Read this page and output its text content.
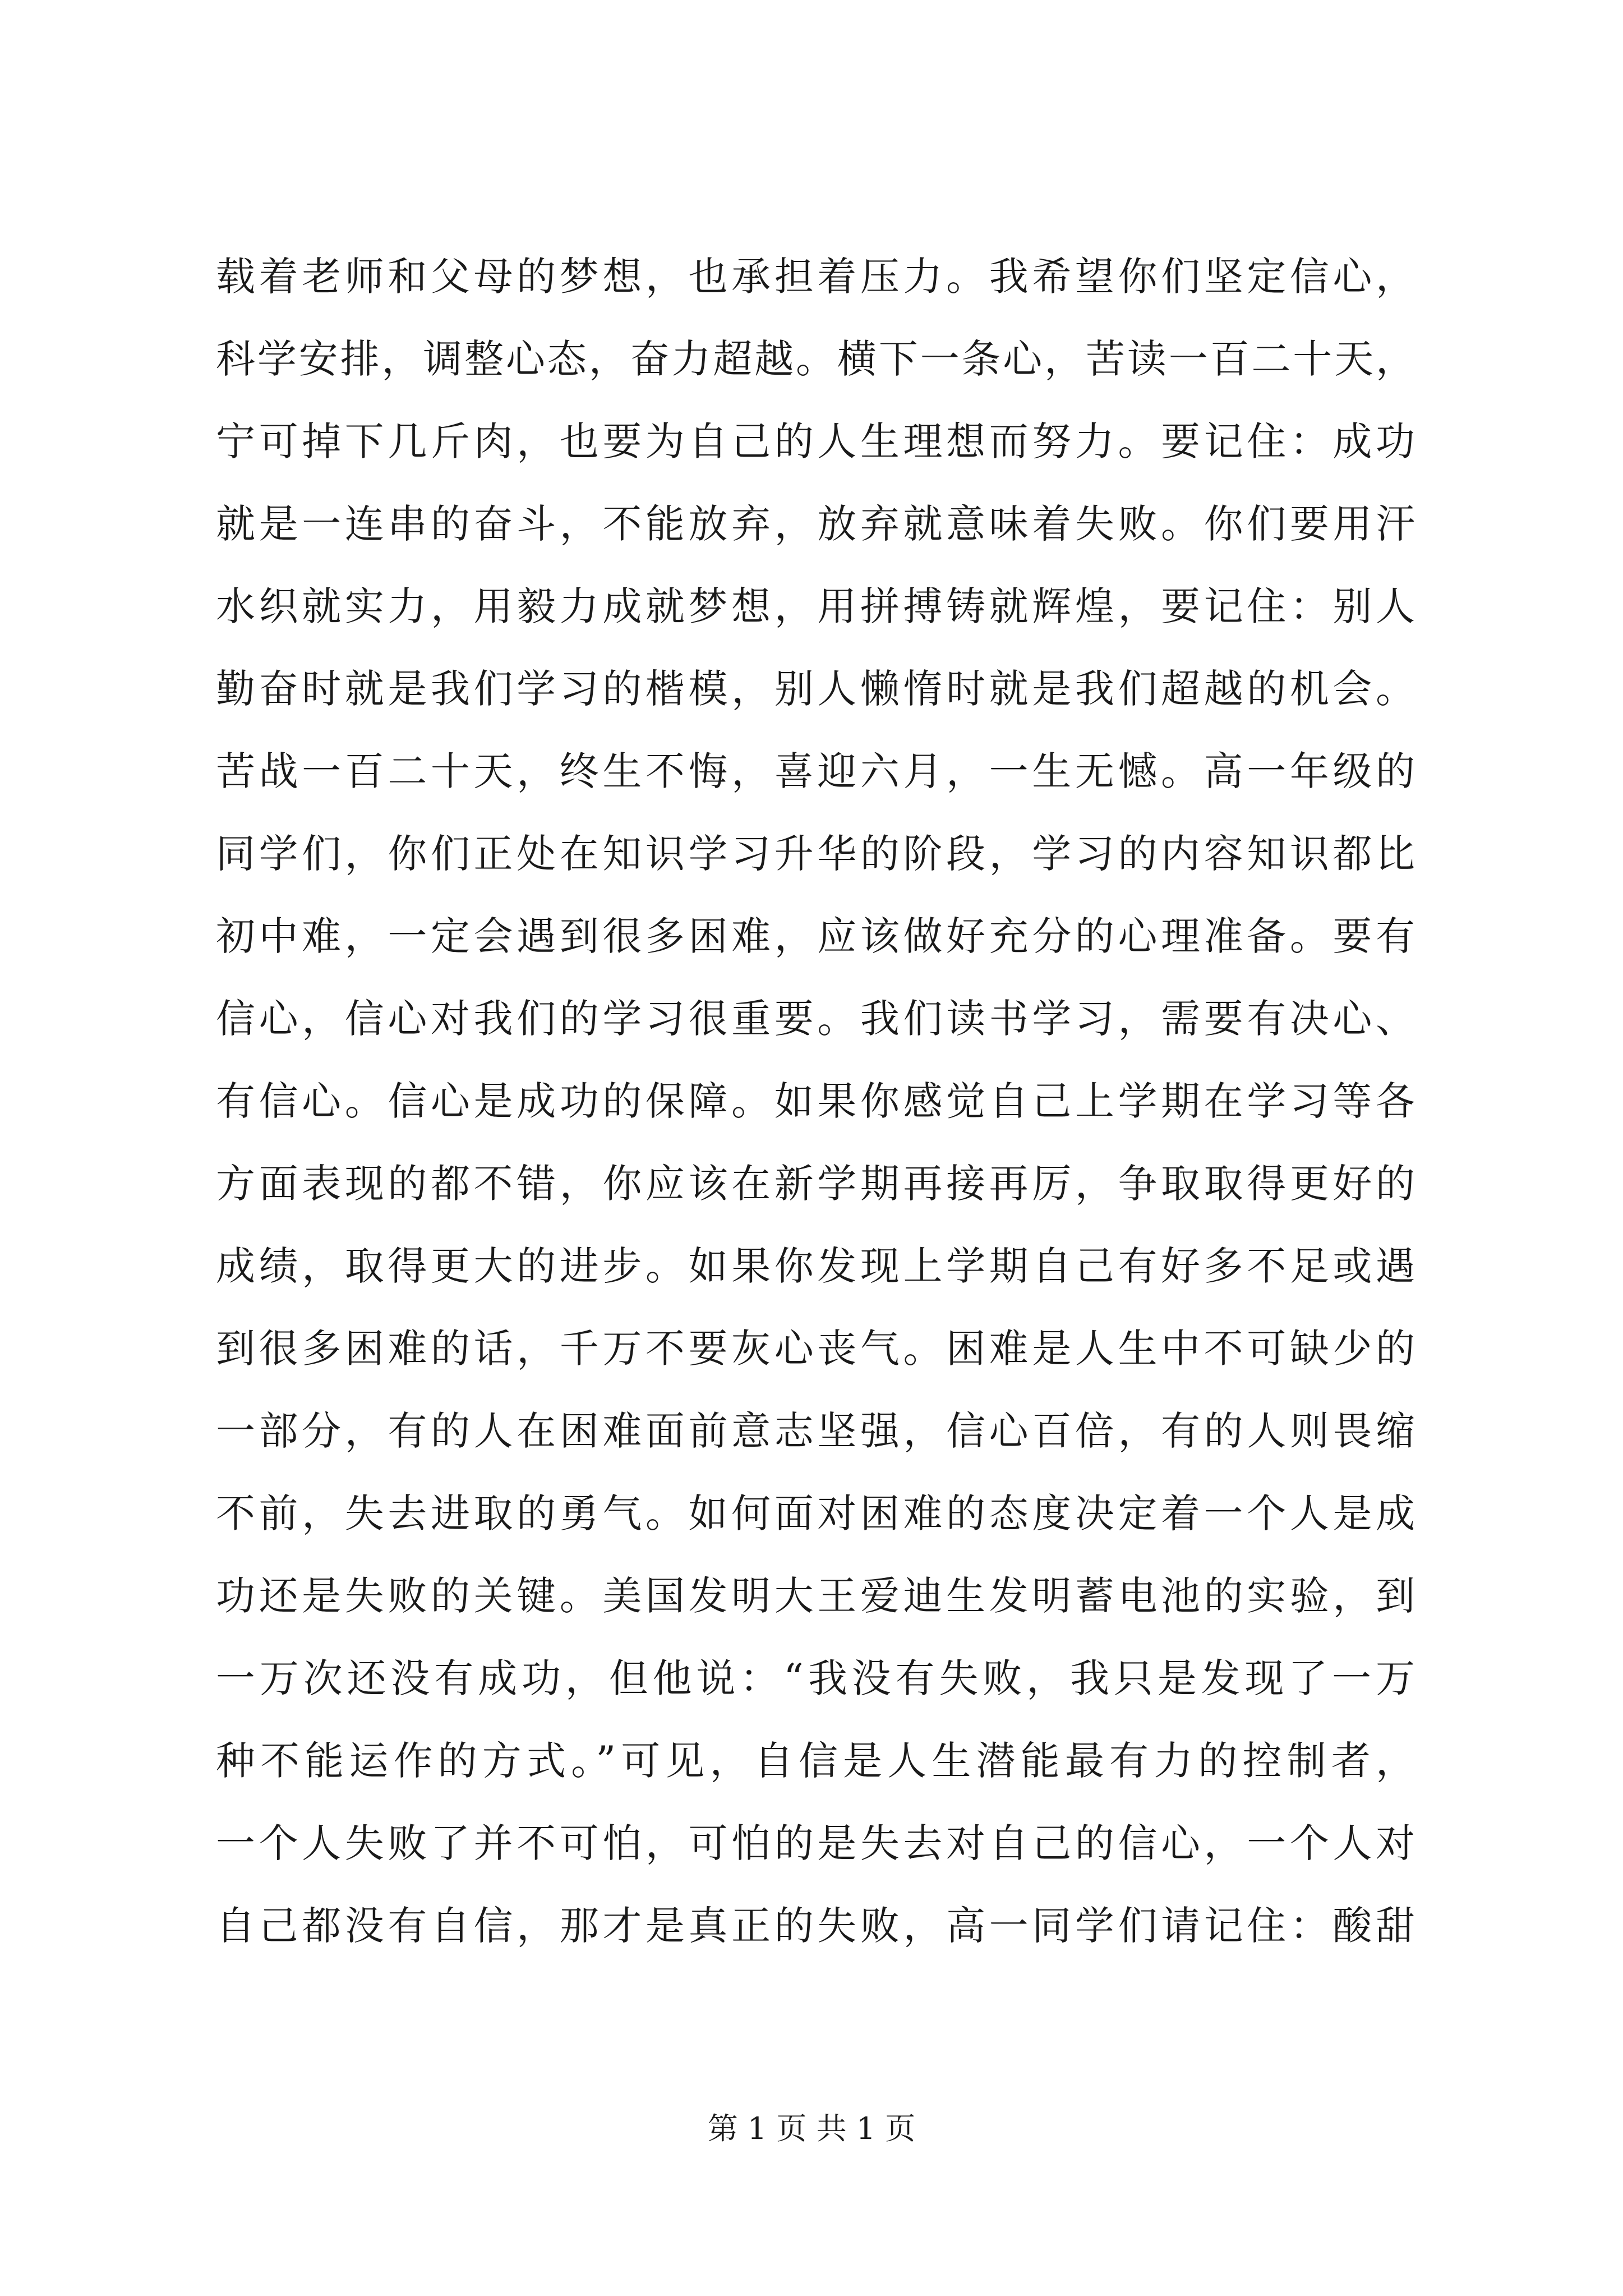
载着老师和父母的梦想，也承担着压力。我希望你们坚定信心，
科学安排，调整心态，奋力超越。横下一条心，苦读一百二十天，
宁可掉下几斤肉，也要为自己的人生理想而努力。要记住：成功
就是一连串的奋斗，不能放弃，放弃就意味着失败。你们要用汗
水织就实力，用毅力成就梦想，用拼搏铸就辉煌，要记住：别人
勤奋时就是我们学习的楷模，别人懒惰时就是我们超越的机会。
苦战一百二十天，终生不悔，喜迎六月，一生无憾。高一年级的
同学们，你们正处在知识学习升华的阶段，学习的内容知识都比
初中难，一定会遇到很多困难，应该做好充分的心理准备。要有
信心，信心对我们的学习很重要。我们读书学习，需要有决心、
有信心。信心是成功的保障。如果你感觉自己上学期在学习等各
方面表现的都不错，你应该在新学期再接再厉，争取取得更好的
成绩，取得更大的进步。如果你发现上学期自己有好多不足或遇
到很多困难的话，千万不要灰心丧气。困难是人生中不可缺少的
一部分，有的人在困难面前意志坚强，信心百倍，有的人则畏缩
不前，失去进取的勇气。如何面对困难的态度决定着一个人是成
功还是失败的关键。美国发明大王爱迪生发明蓄电池的实验，到
一万次还没有成功，但他说：“我没有失败，我只是发现了一万
种不能运作的方式。”可见，自信是人生潜能最有力的控制者，
一个人失败了并不可怕，可怕的是失去对自己的信心，一个人对
自己都没有自信，那才是真正的失败，高一同学们请记住：酸甜
第 1 页 共 1 页
